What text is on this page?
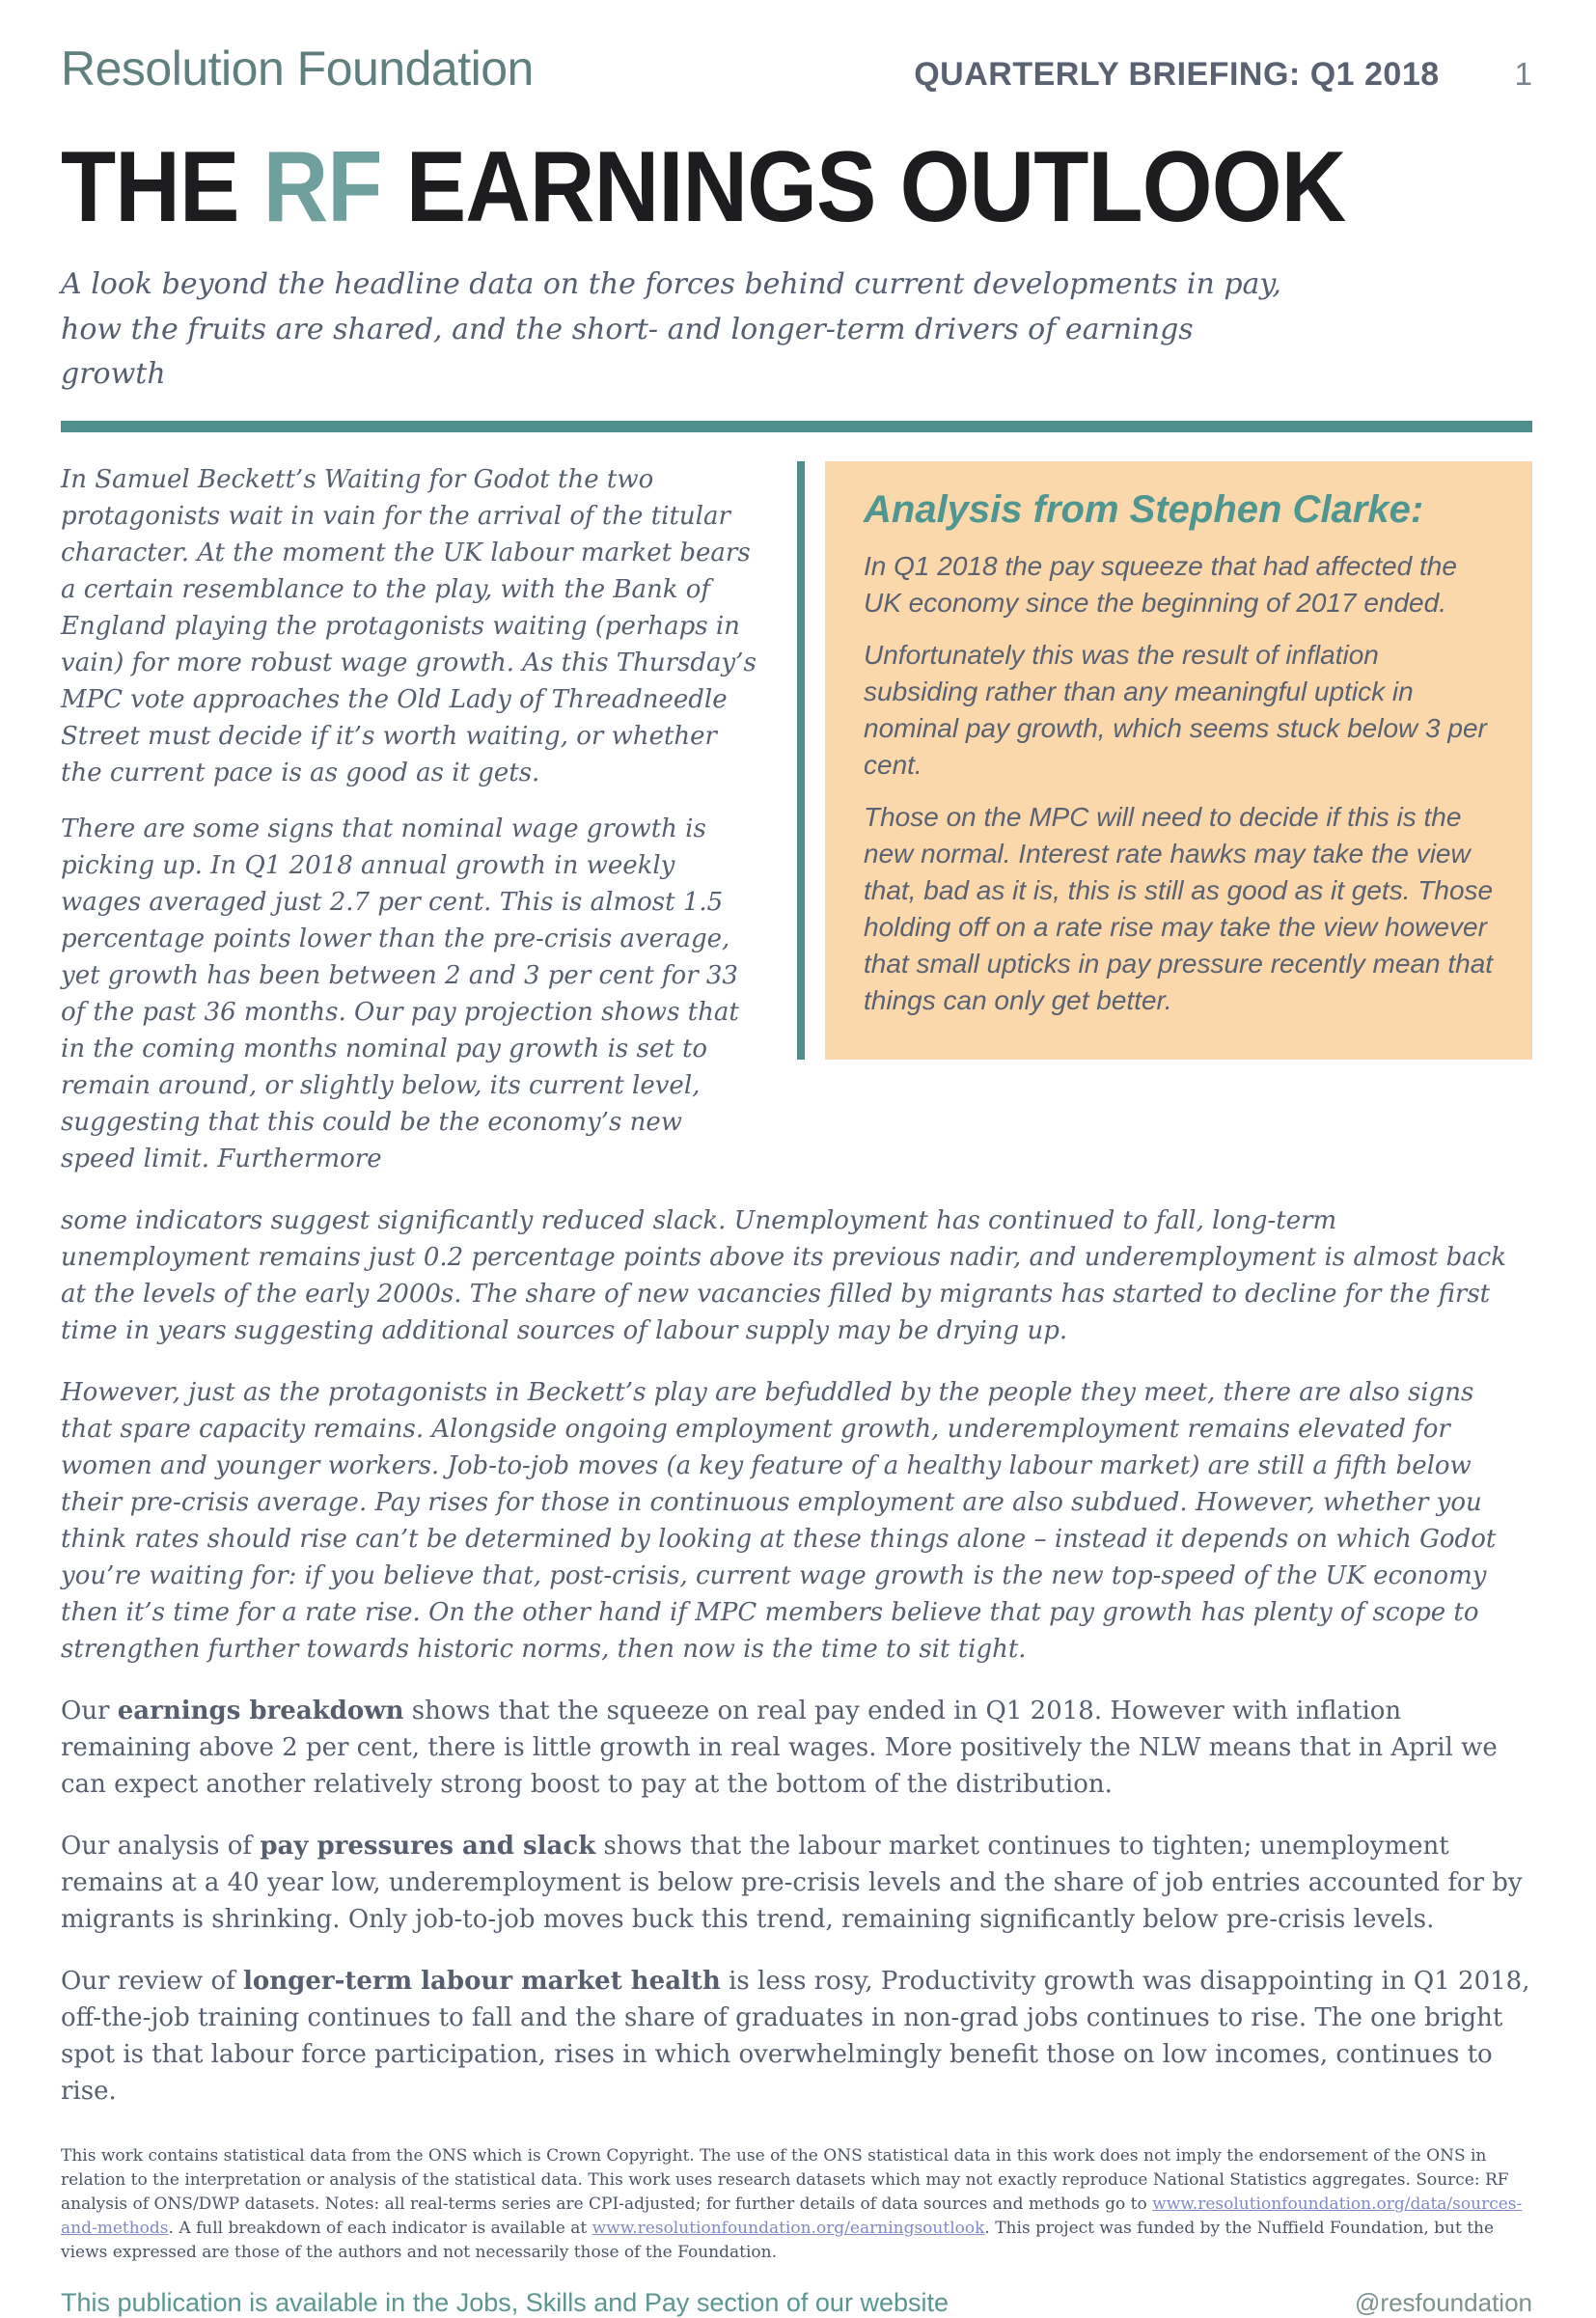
Resolution Foundation	QUARTERLY BRIEFING: Q1 2018 1
THE RF EARNINGS OUTLOOK

A look beyond the headline data on the forces behind current developments in pay, how the fruits are shared, and the short- and longer-term drivers of earnings growth

In Samuel Beckett’s Waiting for Godot the two protagonists wait in vain for the arrival of the titular character. At the moment the UK labour market bears a certain resemblance to the play, with the Bank of England playing the protagonists waiting (perhaps in vain) for more robust wage growth. As this Thursday’s MPC vote approaches the Old Lady of Threadneedle Street must decide if it’s worth waiting, or whether the current pace is as good as it gets.

There are some signs that nominal wage growth is picking up. In Q1 2018 annual growth in weekly wages averaged just 2.7 per cent. This is almost 1.5 percentage points lower than the pre-crisis average, yet growth has been between 2 and 3 per cent for 33 of the past 36 months. Our pay projection shows that in the coming months nominal pay growth is set to remain around, or slightly below, its current level, suggesting that this could be the economy’s new speed limit. Furthermore

Analysis from Stephen Clarke:

In Q1 2018 the pay squeeze that had affected the UK economy since the beginning of 2017 ended.

Unfortunately this was the result of inflation subsiding rather than any meaningful uptick in nominal pay growth, which seems stuck below 3 per cent.

Those on the MPC will need to decide if this is the new normal. Interest rate hawks may take the view that, bad as it is, this is still as good as it gets. Those holding off on a rate rise may take the view however that small upticks in pay pressure recently mean that things can only get better.

some indicators suggest significantly reduced slack. Unemployment has continued to fall, long-term unemployment remains just 0.2 percentage points above its previous nadir, and underemployment is almost back at the levels of the early 2000s. The share of new vacancies filled by migrants has started to decline for the first time in years suggesting additional sources of labour supply may be drying up.

However, just as the protagonists in Beckett’s play are befuddled by the people they meet, there are also signs that spare capacity remains. Alongside ongoing employment growth, underemployment remains elevated for women and younger workers. Job-to-job moves (a key feature of a healthy labour market) are still a fifth below their pre-crisis average. Pay rises for those in continuous employment are also subdued. However, whether you think rates should rise can’t be determined by looking at these things alone – instead it depends on which Godot you’re waiting for: if you believe that, post-crisis, current wage growth is the new top-speed of the UK economy then it’s time for a rate rise. On the other hand if MPC members believe that pay growth has plenty of scope to strengthen further towards historic norms, then now is the time to sit tight.

Our earnings breakdown shows that the squeeze on real pay ended in Q1 2018. However with inflation remaining above 2 per cent, there is little growth in real wages. More positively the NLW means that in April we can expect another relatively strong boost to pay at the bottom of the distribution.

Our analysis of pay pressures and slack shows that the labour market continues to tighten; unemployment remains at a 40 year low, underemployment is below pre-crisis levels and the share of job entries accounted for by migrants is shrinking. Only job-to-job moves buck this trend, remaining significantly below pre-crisis levels.

Our review of longer-term labour market health is less rosy, Productivity growth was disappointing in Q1 2018, off-the-job training continues to fall and the share of graduates in non-grad jobs continues to rise. The one bright spot is that labour force participation, rises in which overwhelmingly benefit those on low incomes, continues to rise.

This work contains statistical data from the ONS which is Crown Copyright. The use of the ONS statistical data in this work does not imply the endorsement of the ONS in relation to the interpretation or analysis of the statistical data. This work uses research datasets which may not exactly reproduce National Statistics aggregates. Source: RF analysis of ONS/DWP datasets. Notes: all real-terms series are CPI-adjusted; for further details of data sources and methods go to www.resolutionfoundation.org/data/sources-and-methods. A full breakdown of each indicator is available at www.resolutionfoundation.org/earningsoutlook. This project was funded by the Nuffield Foundation, but the views expressed are those of the authors and not necessarily those of the Foundation.

This publication is available in the Jobs, Skills and Pay section of our website	@resfoundation
